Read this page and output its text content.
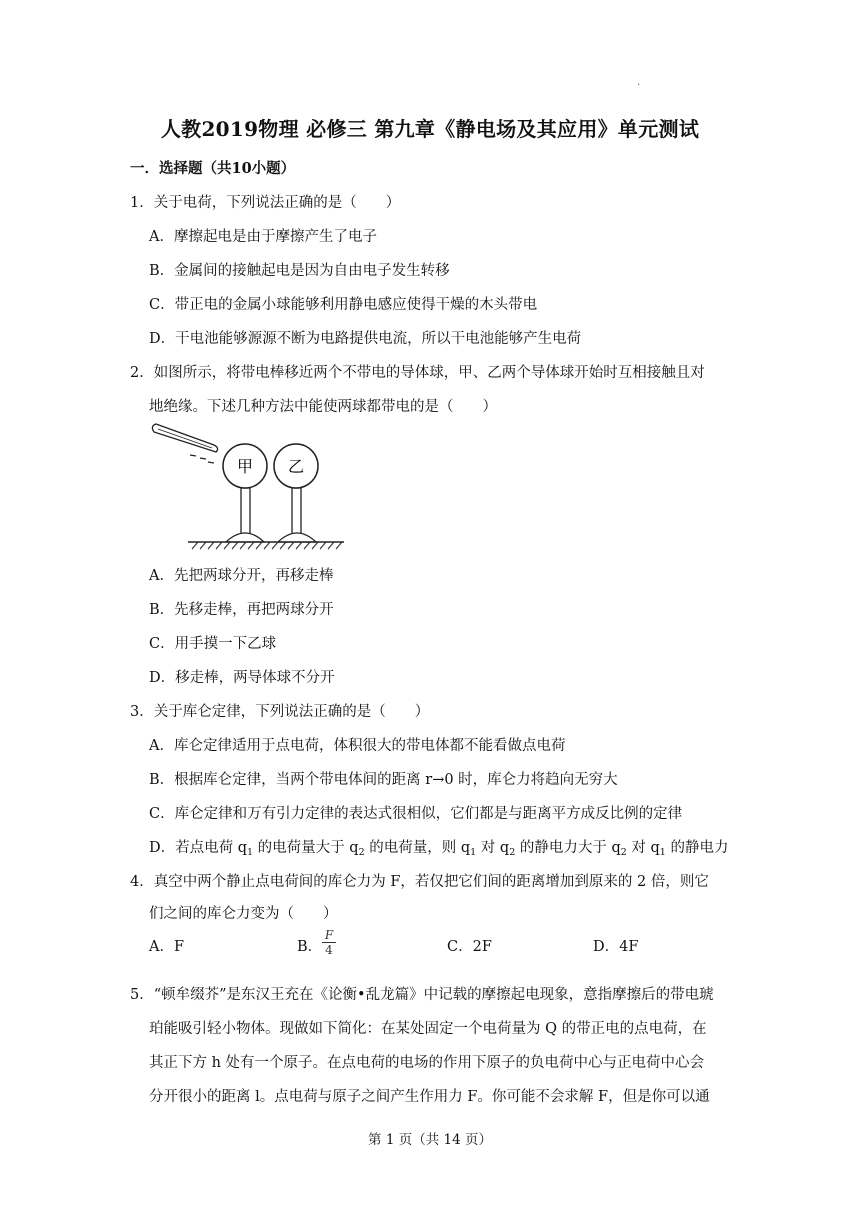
·
人教2019物理 必修三 第九章《静电场及其应用》单元测试
一．选择题（共10小题）
1．关于电荷，下列说法正确的是（　　）
A．摩擦起电是由于摩擦产生了电子
B．金属间的接触起电是因为自由电子发生转移
C．带正电的金属小球能够利用静电感应使得干燥的木头带电
D．干电池能够源源不断为电路提供电流，所以干电池能够产生电荷
2．如图所示，将带电棒移近两个不带电的导体球，甲、乙两个导体球开始时互相接触且对
地绝缘。下述几种方法中能使两球都带电的是（　　）
甲 乙
A．先把两球分开，再移走棒
B．先移走棒，再把两球分开
C．用手摸一下乙球
D．移走棒，两导体球不分开
3．关于库仑定律，下列说法正确的是（　　）
A．库仑定律适用于点电荷，体积很大的带电体都不能看做点电荷
B．根据库仑定律，当两个带电体间的距离 r→0 时，库仑力将趋向无穷大
C．库仑定律和万有引力定律的表达式很相似，它们都是与距离平方成反比例的定律
D．若点电荷 $q_1$ 的电荷量大于 $q_2$ 的电荷量，则 $q_1$ 对 $q_2$ 的静电力大于 $q_2$ 对 $q_1$ 的静电力
4．真空中两个静止点电荷间的库仑力为 F，若仅把它们间的距离增加到原来的 2 倍，则它
们之间的库仑力变为（　　）
A．F	B．
F
4	C．2F	D．4F
5．“顿牟缀芥”是东汉王充在《论衡•乱龙篇》中记载的摩擦起电现象，意指摩擦后的带电琥
珀能吸引轻小物体。现做如下简化：在某处固定一个电荷量为 Q 的带正电的点电荷，在
其正下方 h 处有一个原子。在点电荷的电场的作用下原子的负电荷中心与正电荷中心会
分开很小的距离 l。点电荷与原子之间产生作用力 F。你可能不会求解 F，但是你可以通
第 1 页（共 14 页）
